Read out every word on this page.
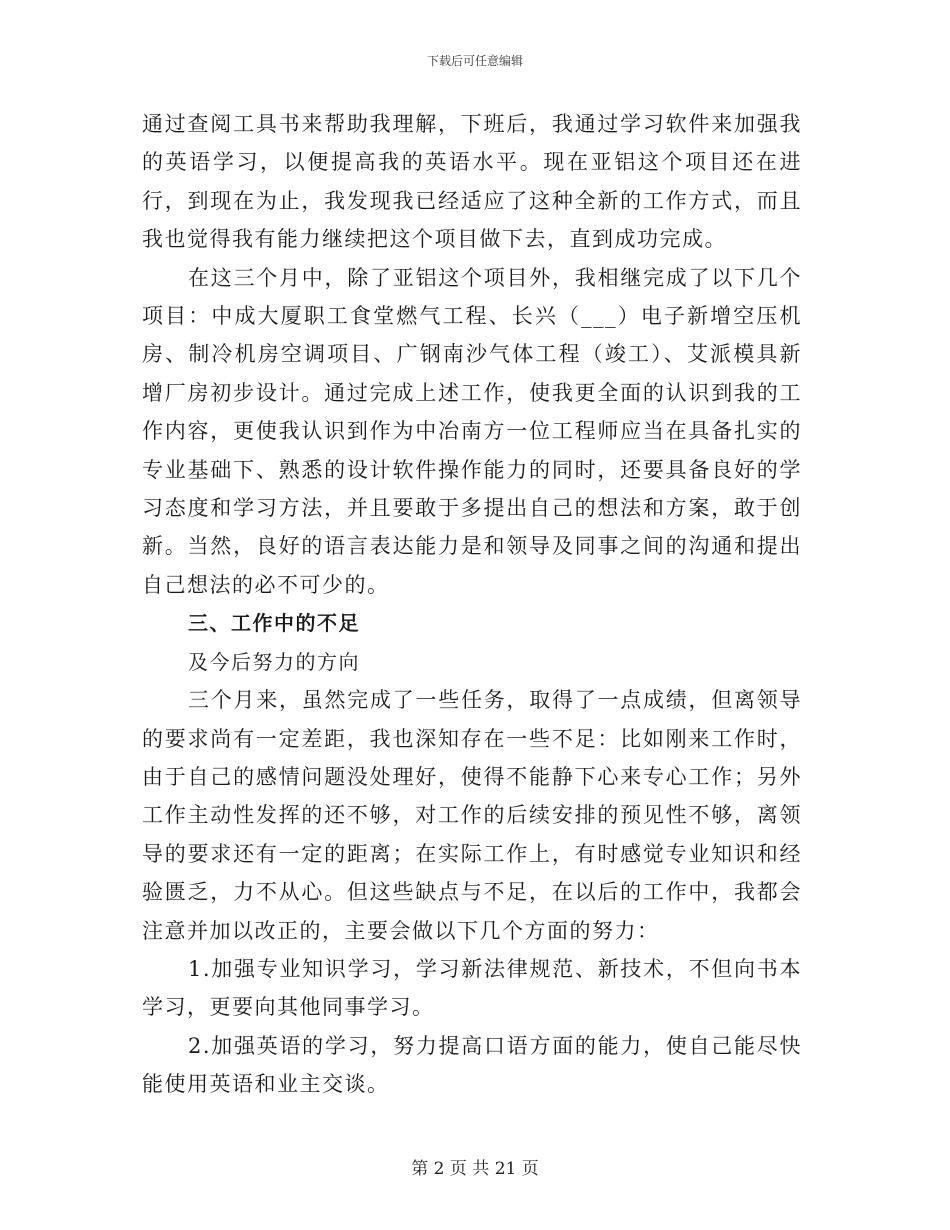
下载后可任意编辑

通过查阅工具书来帮助我理解，下班后，我通过学习软件来加强我的英语学习，以便提高我的英语水平。现在亚铝这个项目还在进行，到现在为止，我发现我已经适应了这种全新的工作方式，而且我也觉得我有能力继续把这个项目做下去，直到成功完成。

在这三个月中，除了亚铝这个项目外，我相继完成了以下几个项目：中成大厦职工食堂燃气工程、长兴（___）电子新增空压机房、制冷机房空调项目、广钢南沙气体工程（竣工）、艾派模具新增厂房初步设计。通过完成上述工作，使我更全面的认识到我的工作内容，更使我认识到作为中冶南方一位工程师应当在具备扎实的专业基础下、熟悉的设计软件操作能力的同时，还要具备良好的学习态度和学习方法，并且要敢于多提出自己的想法和方案，敢于创新。当然，良好的语言表达能力是和领导及同事之间的沟通和提出自己想法的必不可少的。

三、工作中的不足

及今后努力的方向

三个月来，虽然完成了一些任务，取得了一点成绩，但离领导的要求尚有一定差距，我也深知存在一些不足：比如刚来工作时，由于自己的感情问题没处理好，使得不能静下心来专心工作；另外工作主动性发挥的还不够，对工作的后续安排的预见性不够，离领导的要求还有一定的距离；在实际工作上，有时感觉专业知识和经验匮乏，力不从心。但这些缺点与不足，在以后的工作中，我都会注意并加以改正的，主要会做以下几个方面的努力：

1.加强专业知识学习，学习新法律规范、新技术，不但向书本学习，更要向其他同事学习。

2.加强英语的学习，努力提高口语方面的能力，使自己能尽快能使用英语和业主交谈。

第 2 页 共 21 页
